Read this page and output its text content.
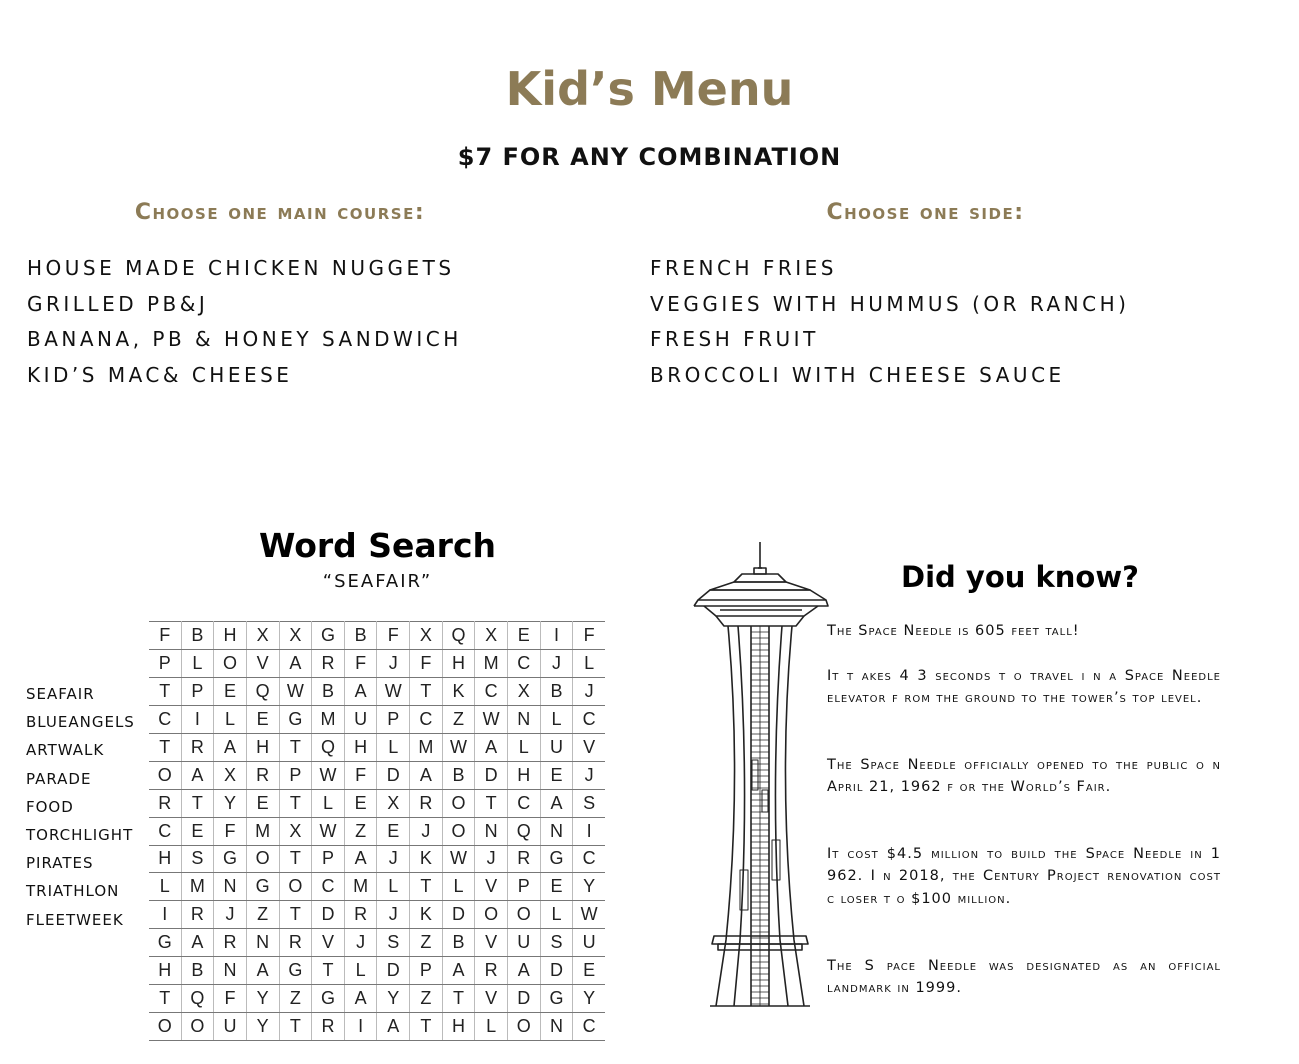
Kid’s Menu
$7 FOR ANY COMBINATION
Choose one main course:	Choose one side:
HOUSE MADE CHICKEN NUGGETS
GRILLED PB&J
BANANA, PB & HONEY SANDWICH
KID’S MAC& CHEESE
FRENCH FRIES
VEGGIES WITH HUMMUS (OR RANCH)
FRESH FRUIT
BROCCOLI WITH CHEESE SAUCE
Word Search
“SEAFAIR”
SEAFAIR
BLUEANGELS
ARTWALK
PARADE
FOOD
TORCHLIGHT
PIRATES
TRIATHLON
FLEETWEEK
F	B	H	X	X	G	B	F	X	Q	X	E	I	F
P	L	O	V	A	R	F	J	F	H	M	C	J	L
T	P	E	Q	W	B	A	W	T	K	C	X	B	J
C	I	L	E	G	M	U	P	C	Z	W	N	L	C
T	R	A	H	T	Q	H	L	M	W	A	L	U	V
O	A	X	R	P	W	F	D	A	B	D	H	E	J
R	T	Y	E	T	L	E	X	R	O	T	C	A	S
C	E	F	M	X	W	Z	E	J	O	N	Q	N	I
H	S	G	O	T	P	A	J	K	W	J	R	G	C
L	M	N	G	O	C	M	L	T	L	V	P	E	Y
I	R	J	Z	T	D	R	J	K	D	O	O	L	W
G	A	R	N	R	V	J	S	Z	B	V	U	S	U
H	B	N	A	G	T	L	D	P	A	R	A	D	E
T	Q	F	Y	Z	G	A	Y	Z	T	V	D	G	Y
O	O	U	Y	T	R	I	A	T	H	L	O	N	C
Did you know?
The Space Needle is 605 feet tall!
It t akes 4 3 seconds t o travel i n a Space Needle elevator f rom the ground to the tower’s top level.
The Space Needle officially opened to the public o n April 21, 1962 f or the World’s Fair.
It cost $4.5 million to build the Space Needle in 1 962. I n 2018, the Century Project renovation cost c loser t o $100 million.
The S pace Needle was designated as an official landmark in 1999.
